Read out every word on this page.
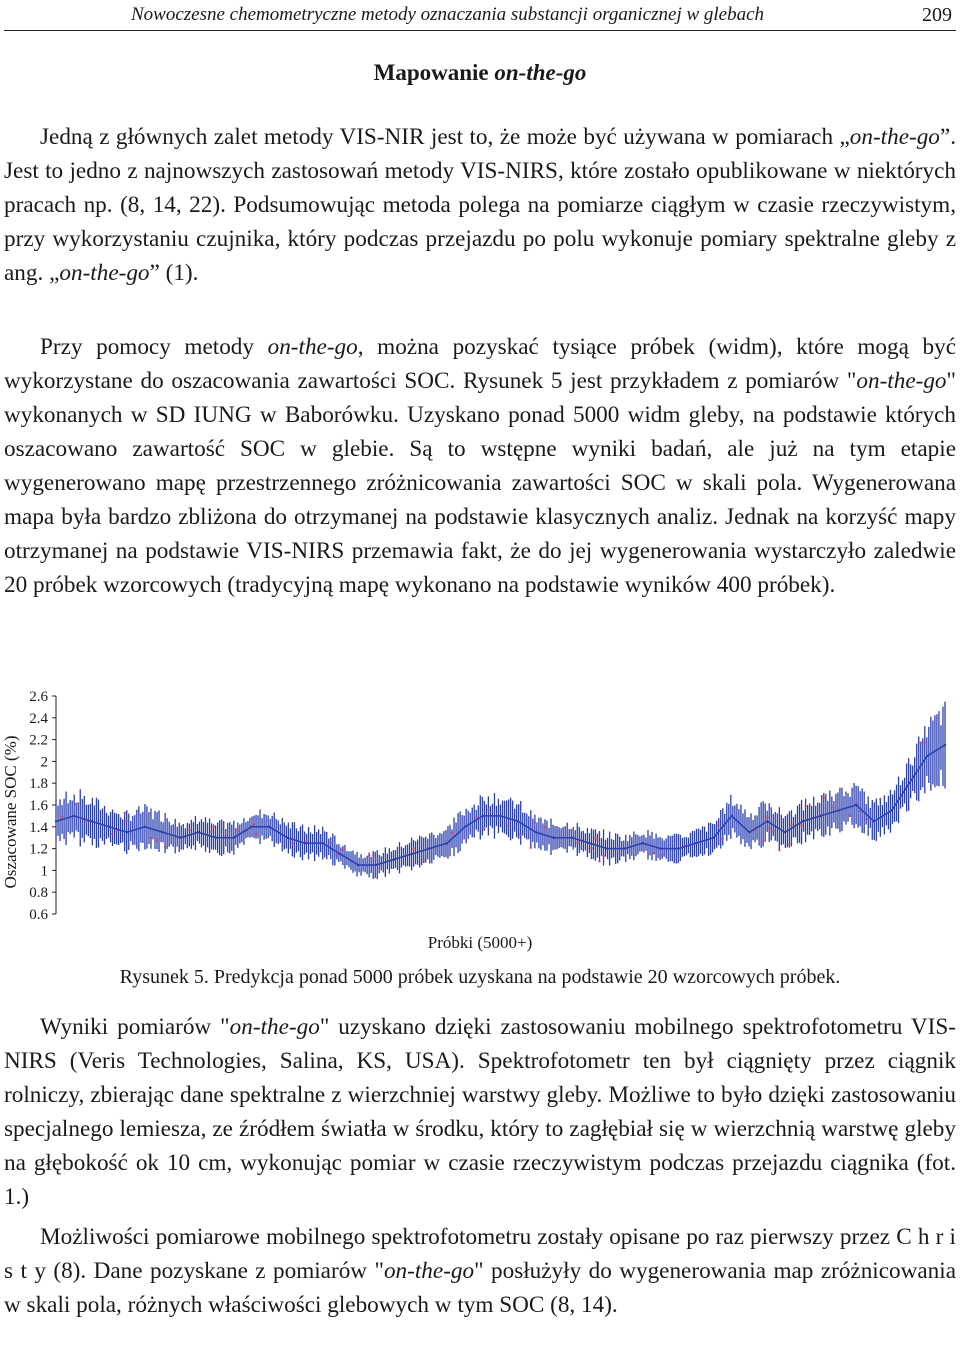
Nowoczesne chemometryczne metody oznaczania substancji organicznej w glebach	209
Mapowanie on-the-go

Jedną z głównych zalet metody VIS-NIR jest to, że może być używana w pomiarach „on-the-go”. Jest to jedno z najnowszych zastosowań metody VIS-NIRS, które zostało opublikowane w niektórych pracach np. (8, 14, 22). Podsumowując metoda polega na pomiarze ciągłym w czasie rzeczywistym, przy wykorzystaniu czujnika, który podczas przejazdu po polu wykonuje pomiary spektralne gleby z ang. „on-the-go” (1).

Przy pomocy metody on-the-go, można pozyskać tysiące próbek (widm), które mogą być wykorzystane do oszacowania zawartości SOC. Rysunek 5 jest przykładem z pomiarów "on-the-go" wykonanych w SD IUNG w Baborówku. Uzyskano ponad 5000 widm gleby, na podstawie których oszacowano zawartość SOC w glebie. Są to wstępne wyniki badań, ale już na tym etapie wygenerowano mapę przestrzennego zróżnicowania zawartości SOC w skali pola. Wygenerowana mapa była bardzo zbliżona do otrzymanej na podstawie klasycznych analiz. Jednak na korzyść mapy otrzymanej na podstawie VIS-NIRS przemawia fakt, że do jej wygenerowania wystarczyło zaledwie 20 próbek wzorcowych (tradycyjną mapę wykonano na podstawie wyników 400 próbek).

2.6
2.4
2.2
2
1.8
1.6
1.4
1.2
1
0.8
0.6
Oszacowane SOC (%)
Próbki (5000+)
Rysunek 5. Predykcja ponad 5000 próbek uzyskana na podstawie 20 wzorcowych próbek.

Wyniki pomiarów "on-the-go" uzyskano dzięki zastosowaniu mobilnego spektrofotometru VIS-NIRS (Veris Technologies, Salina, KS, USA). Spektrofotometr ten był ciągnięty przez ciągnik rolniczy, zbierając dane spektralne z wierzchniej warstwy gleby. Możliwe to było dzięki zastosowaniu specjalnego lemiesza, ze źródłem światła w środku, który to zagłębiał się w wierzchnią warstwę gleby na głębokość ok 10 cm, wykonując pomiar w czasie rzeczywistym podczas przejazdu ciągnika (fot. 1.)

Możliwości pomiarowe mobilnego spektrofotometru zostały opisane po raz pierwszy przez C h r i s t y (8). Dane pozyskane z pomiarów "on-the-go" posłużyły do wygenerowania map zróżnicowania w skali pola, różnych właściwości glebowych w tym SOC (8, 14).
